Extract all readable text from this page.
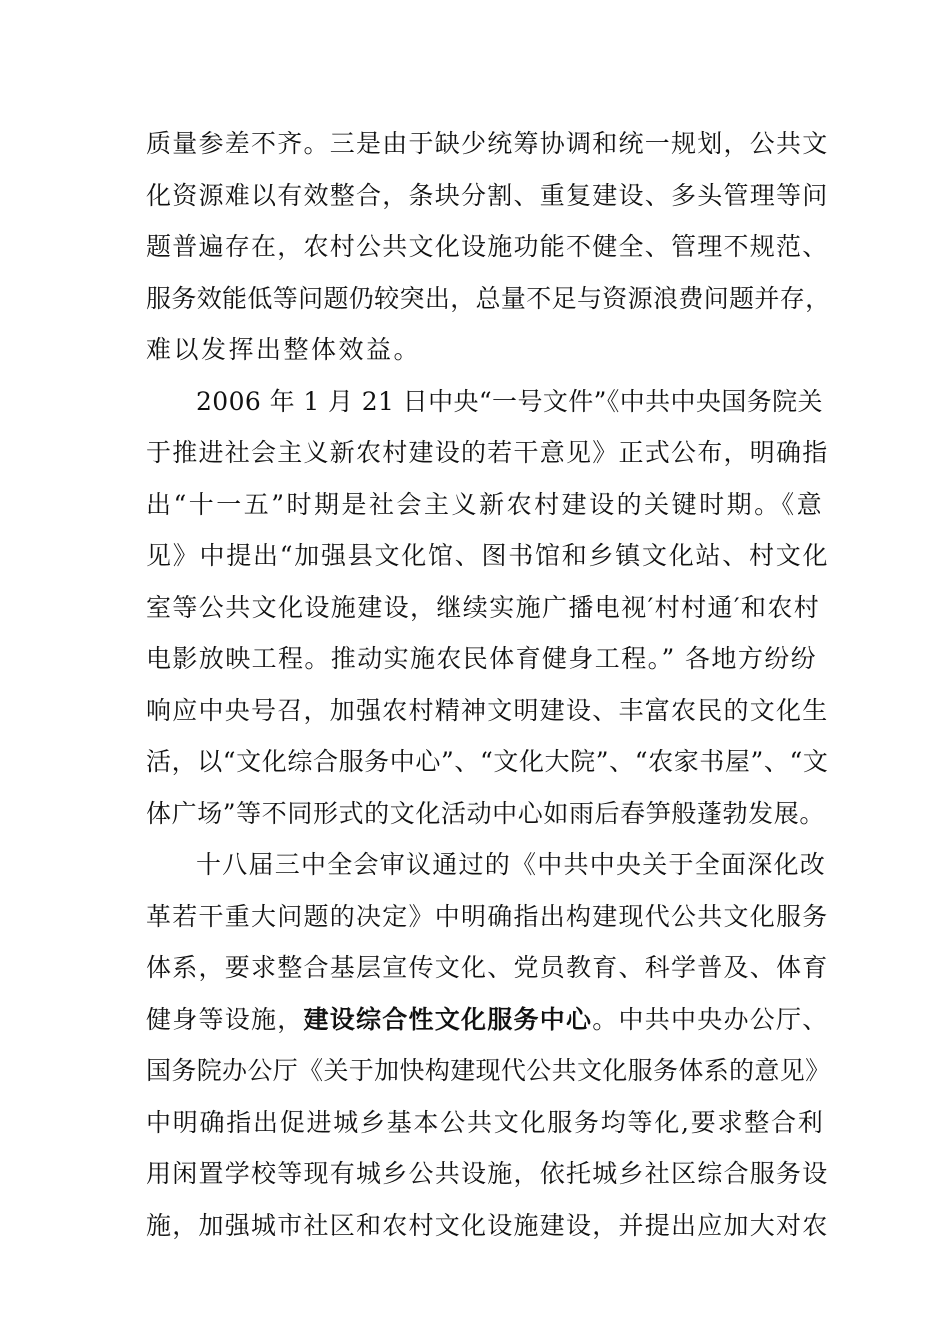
质量参差不齐。三是由于缺少统筹协调和统一规划，公共文
化资源难以有效整合，条块分割、重复建设、多头管理等问
题普遍存在，农村公共文化设施功能不健全、管理不规范、
服务效能低等问题仍较突出，总量不足与资源浪费问题并存，
难以发挥出整体效益。
2006 年 1 月 21 日中央“一号文件”《中共中央国务院关
于推进社会主义新农村建设的若干意见》正式公布，明确指
出“十一五”时期是社会主义新农村建设的关键时期。《意
见》中提出“加强县文化馆、图书馆和乡镇文化站、村文化
室等公共文化设施建设，继续实施广播电视′村村通′和农村
电影放映工程。推动实施农民体育健身工程。” 各地方纷纷
响应中央号召，加强农村精神文明建设、丰富农民的文化生
活，以“文化综合服务中心”、“文化大院”、“农家书屋”、“文
体广场”等不同形式的文化活动中心如雨后春笋般蓬勃发展。
十八届三中全会审议通过的《中共中央关于全面深化改
革若干重大问题的决定》中明确指出构建现代公共文化服务
体系，要求整合基层宣传文化、党员教育、科学普及、体育
健身等设施，建设综合性文化服务中心。中共中央办公厅、
国务院办公厅《关于加快构建现代公共文化服务体系的意见》
中明确指出促进城乡基本公共文化服务均等化,要求整合利
用闲置学校等现有城乡公共设施，依托城乡社区综合服务设
施，加强城市社区和农村文化设施建设，并提出应加大对农
